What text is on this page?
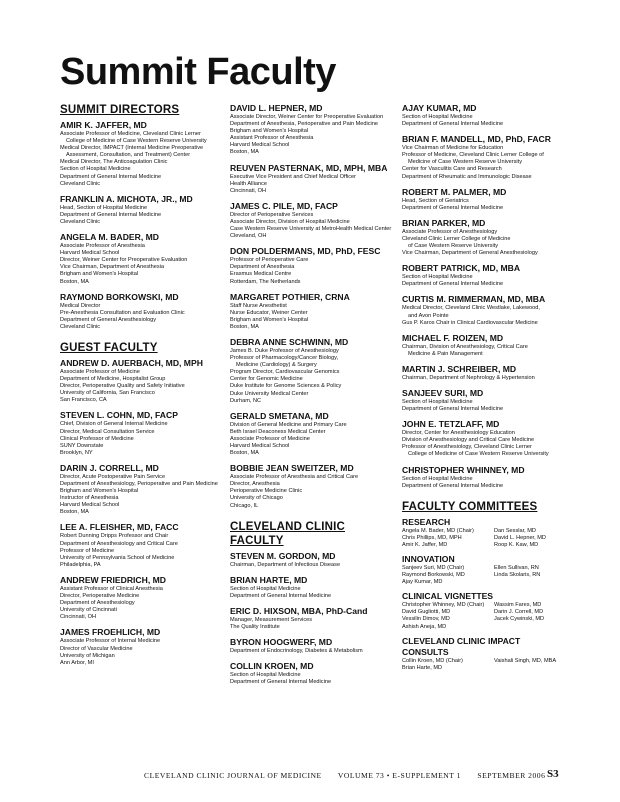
Summit Faculty
SUMMIT DIRECTORS
AMIR K. JAFFER, MD
Associate Professor of Medicine, Cleveland Clinic Lerner
College of Medicine of Case Western Reserve University
Medical Director, IMPACT (Internal Medicine Preoperative
Assessment, Consultation, and Treatment) Center
Medical Director, The Anticoagulation Clinic
Section of Hospital Medicine
Department of General Internal Medicine
Cleveland Clinic
FRANKLIN A. MICHOTA, JR., MD
Head, Section of Hospital Medicine
Department of General Internal Medicine
Cleveland Clinic
ANGELA M. BADER, MD
Associate Professor of Anesthesia
Harvard Medical School
Director, Weiner Center for Preoperative Evaluation
Vice Chairman, Department of Anesthesia
Brigham and Women's Hospital
Boston, MA
RAYMOND BORKOWSKI, MD
Medical Director
Pre-Anesthesia Consultation and Evaluation Clinic
Department of General Anesthesiology
Cleveland Clinic
GUEST FACULTY
ANDREW D. AUERBACH, MD, MPH
Associate Professor of Medicine
Department of Medicine, Hospitalist Group
Director, Perioperative Quality and Safety Initiative
University of California, San Francisco
San Francisco, CA
STEVEN L. COHN, MD, FACP
Chief, Division of General Internal Medicine
Director, Medical Consultation Service
Clinical Professor of Medicine
SUNY Downstate
Brooklyn, NY
DARIN J. CORRELL, MD
Director, Acute Postoperative Pain Service
Department of Anesthesiology, Perioperative and Pain Medicine
Brigham and Women's Hospital
Instructor of Anesthesia
Harvard Medical School
Boston, MA
LEE A. FLEISHER, MD, FACC
Robert Dunning Dripps Professor and Chair
Department of Anesthesiology and Critical Care
Professor of Medicine
University of Pennsylvania School of Medicine
Philadelphia, PA
ANDREW FRIEDRICH, MD
Assistant Professor of Clinical Anesthesia
Director, Perioperative Medicine
Department of Anesthesiology
University of Cincinnati
Cincinnati, OH
JAMES FROEHLICH, MD
Associate Professor of Internal Medicine
Director of Vascular Medicine
University of Michigan
Ann Arbor, MI
DAVID L. HEPNER, MD
Associate Director, Weiner Center for Preoperative Evaluation
Department of Anesthesia, Perioperative and Pain Medicine
Brigham and Women's Hospital
Assistant Professor of Anesthesia
Harvard Medical School
Boston, MA
REUVEN PASTERNAK, MD, MPH, MBA
Executive Vice President and Chief Medical Officer
Health Alliance
Cincinnati, OH
JAMES C. PILE, MD, FACP
Director of Perioperative Services
Associate Director, Division of Hospital Medicine
Case Western Reserve University at MetroHealth Medical Center
Cleveland, OH
DON POLDERMANS, MD, PhD, FESC
Professor of Perioperative Care
Department of Anesthesia
Erasmus Medical Centre
Rotterdam, The Netherlands
MARGARET POTHIER, CRNA
Staff Nurse Anesthetist
Nurse Educator, Weiner Center
Brigham and Women's Hospital
Boston, MA
DEBRA ANNE SCHWINN, MD
James B. Duke Professor of Anesthesiology
Professor of Pharmacology/Cancer Biology,
Medicine (Cardiology) & Surgery
Program Director, Cardiovascular Genomics
Center for Genomic Medicine
Duke Institute for Genome Sciences & Policy
Duke University Medical Center
Durham, NC
GERALD SMETANA, MD
Division of General Medicine and Primary Care
Beth Israel Deaconess Medical Center
Associate Professor of Medicine
Harvard Medical School
Boston, MA
BOBBIE JEAN SWEITZER, MD
Associate Professor of Anesthesia and Critical Care
Director, Anesthesia
Perioperative Medicine Clinic
University of Chicago
Chicago, IL
CLEVELAND CLINIC FACULTY
STEVEN M. GORDON, MD
Chairman, Department of Infectious Disease
BRIAN HARTE, MD
Section of Hospital Medicine
Department of General Internal Medicine
ERIC D. HIXSON, MBA, PhD-Cand
Manager, Measurement Services
The Quality Institute
BYRON HOOGWERF, MD
Department of Endocrinology, Diabetes & Metabolism
COLLIN KROEN, MD
Section of Hospital Medicine
Department of General Internal Medicine
AJAY KUMAR, MD
Section of Hospital Medicine
Department of General Internal Medicine
BRIAN F. MANDELL, MD, PhD, FACR
Vice Chairman of Medicine for Education
Professor of Medicine, Cleveland Clinic Lerner College of
Medicine of Case Western Reserve University
Center for Vasculitis Care and Research
Department of Rheumatic and Immunologic Disease
ROBERT M. PALMER, MD
Head, Section of Geriatrics
Department of General Internal Medicine
BRIAN PARKER, MD
Associate Professor of Anesthesiology
Cleveland Clinic Lerner College of Medicine
of Case Western Reserve University
Vice Chairman, Department of General Anesthesiology
ROBERT PATRICK, MD, MBA
Section of Hospital Medicine
Department of General Internal Medicine
CURTIS M. RIMMERMAN, MD, MBA
Medical Director, Cleveland Clinic Westlake, Lakewood,
and Avon Pointe
Gus P. Karos Chair in Clinical Cardiovascular Medicine
MICHAEL F. ROIZEN, MD
Chairman, Division of Anesthesiology, Critical Care
Medicine & Pain Management
MARTIN J. SCHREIBER, MD
Chairman, Department of Nephrology & Hypertension
SANJEEV SURI, MD
Section of Hospital Medicine
Department of General Internal Medicine
JOHN E. TETZLAFF, MD
Director, Center for Anesthesiology Education
Division of Anesthesiology and Critical Care Medicine
Professor of Anesthesiology, Cleveland Clinic Lerner
College of Medicine of Case Western Reserve University
CHRISTOPHER WHINNEY, MD
Section of Hospital Medicine
Department of General Internal Medicine
FACULTY COMMITTEES
RESEARCH
Angela M. Bader, MD (Chair)	Dan Sesslar, MD
Chris Phillips, MD, MPH	David L. Hepner, MD
Amir K. Jaffer, MD	Roop K. Kaw, MD
INNOVATION
Sanjeev Suri, MD (Chair)	Ellen Sullivan, RN
Raymond Borkowski, MD	Linda Skolaris, RN
Ajay Kumar, MD
CLINICAL VIGNETTES
Christopher Whinney, MD (Chair)	Wassim Fares, MD
David Gugliotti, MD	Darin J. Correll, MD
Vessilin Dimov, MD	Jacek Cywinski, MD
Ashish Aneja, MD
CLEVELAND CLINIC IMPACT CONSULTS
Collin Kroen, MD (Chair)	Vaishali Singh, MD, MBA
Brian Harte, MD
CLEVELAND CLINIC JOURNAL OF MEDICINE VOLUME 73 • E-SUPPLEMENT 1 SEPTEMBER 2006 S3
